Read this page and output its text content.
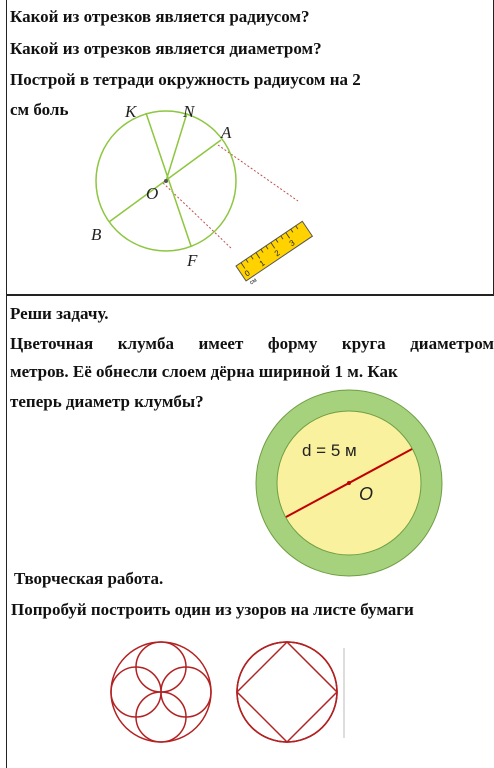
Какой из отрезков является радиусом?
Какой из отрезков является диаметром?
Построй в тетради окружность радиусом на 2
см боль
0
1
2
3
см
K	N
A
O
B
F
Реши задачу.
Цветочная клумба имеет форму круга диаметром
метров. Её обнесли слоем дёрна шириной 1 м. Как
теперь диаметр клумбы?
d = 5 м
O
Творческая работа.
Попробуй построить один из узоров на листе бумаги
